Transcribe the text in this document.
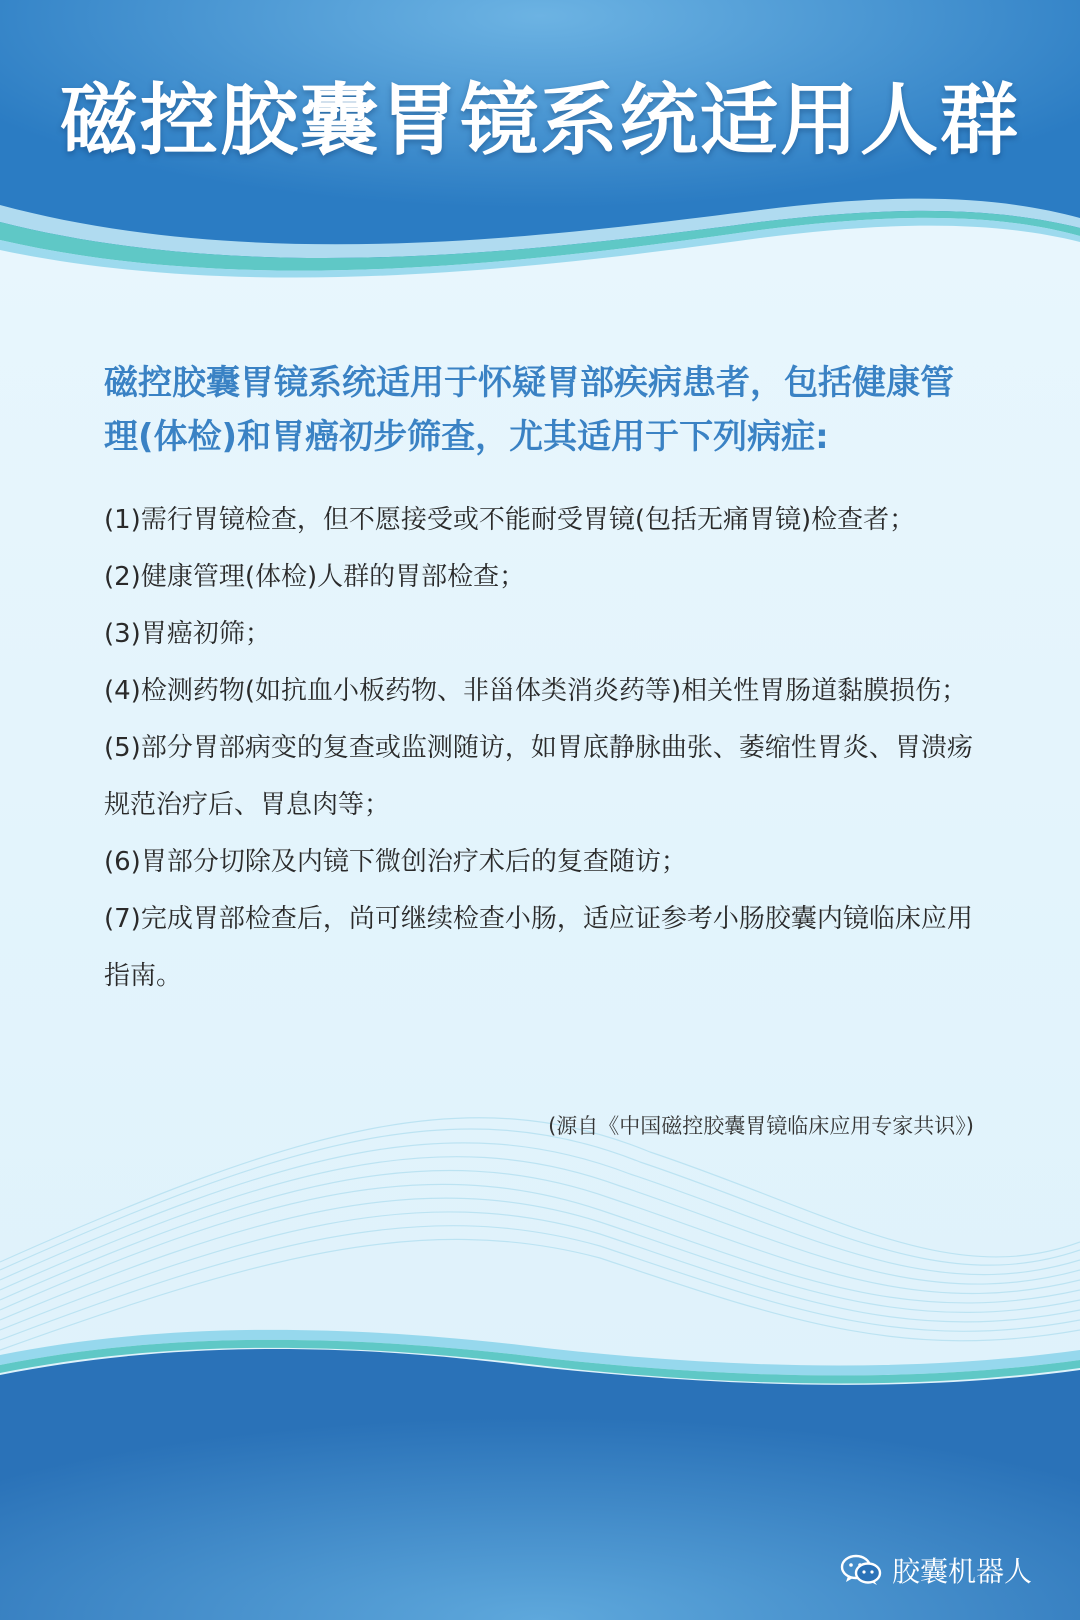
磁控胶囊胃镜系统适用人群

磁控胶囊胃镜系统适用于怀疑胃部疾病患者，包括健康管理(体检)和胃癌初步筛查，尤其适用于下列病症:

(1)需行胃镜检查，但不愿接受或不能耐受胃镜(包括无痛胃镜)检查者；
(2)健康管理(体检)人群的胃部检查；
(3)胃癌初筛；
(4)检测药物(如抗血小板药物、非甾体类消炎药等)相关性胃肠道黏膜损伤；
(5)部分胃部病变的复查或监测随访，如胃底静脉曲张、萎缩性胃炎、胃溃疡规范治疗后、胃息肉等；
(6)胃部分切除及内镜下微创治疗术后的复查随访；
(7)完成胃部检查后，尚可继续检查小肠，适应证参考小肠胶囊内镜临床应用指南。
(源自《中国磁控胶囊胃镜临床应用专家共识》)
胶囊机器人
